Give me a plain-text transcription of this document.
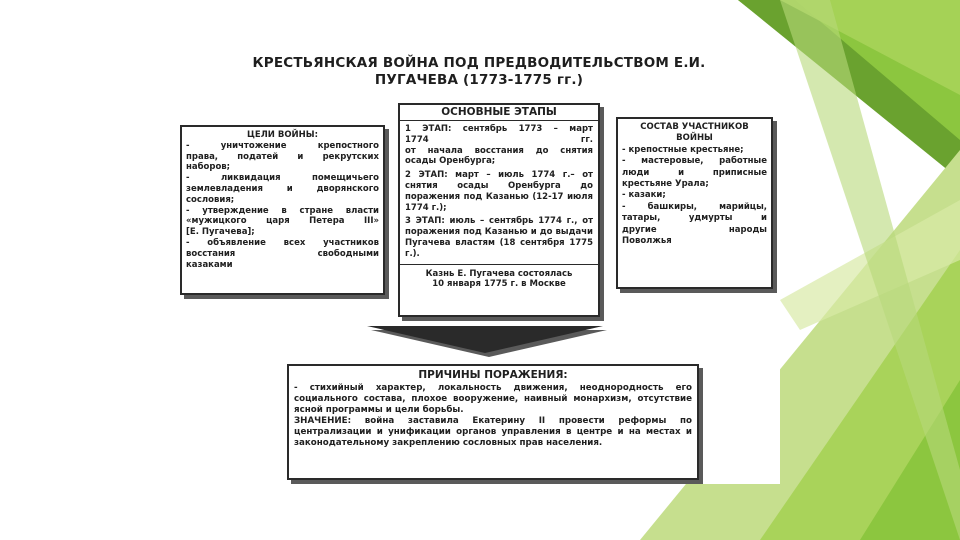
КРЕСТЬЯНСКАЯ ВОЙНА ПОД ПРЕДВОДИТЕЛЬСТВОМ Е.И.
ПУГАЧЕВА (1773-1775 гг.)

ЦЕЛИ ВОЙНЫ:

- уничтожение крепостного

права, податей и рекрутских

наборов;

- ликвидация помещичьего

землевладения и дворянского

сословия;

- утверждение в стране власти

«мужицкого царя Петера III»

[Е. Пугачева];

- объявление всех участников

восстания свободными

казаками

ОСНОВНЫЕ ЭТАПЫ

1 ЭТАП: сентябрь 1773 – март

1774	гг.

от начала восстания до снятия

осады Оренбурга;

2 ЭТАП: март – июль 1774 г.– от снятия осады Оренбурга до поражения под Казанью (12-17 июля 1774 г.);

3 ЭТАП: июль – сентябрь 1774 г., от поражения под Казанью и до выдачи Пугачева властям (18 сентября 1775 г.).

Казнь Е. Пугачева состоялась

10 января 1775 г. в Москве

СОСТАВ УЧАСТНИКОВ

ВОЙНЫ

- крепостные крестьяне;

- мастеровые, работные

люди и приписные

крестьяне Урала;

- казаки;

- башкиры, марийцы,

татары, удмурты и

другие народы

Поволжья

ПРИЧИНЫ ПОРАЖЕНИЯ:

- стихийный характер, локальность движения, неоднородность его социального состава, плохое вооружение, наивный монархизм, отсутствие ясной программы и цели борьбы.

ЗНАЧЕНИЕ: война заставила Екатерину II провести реформы по централизации и унификации органов управления в центре и на местах и законодательному закреплению сословных прав населения.
